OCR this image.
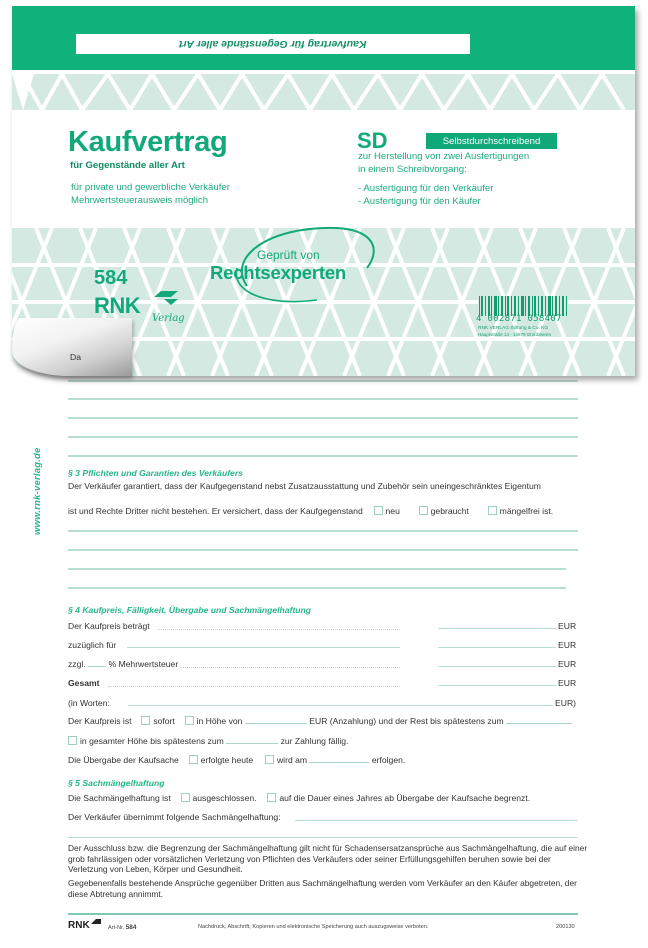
www.rnk-verlag.de	§ 3 Pflichten und Garantien des Verkäufers
Der Verkäufer garantiert, dass der Kaufgegenstand nebst Zusatzausstattung und Zubehör sein uneingeschränktes Eigentum
ist und Rechte Dritter nicht bestehen. Er versichert, dass der Kaufgegenstand	neu	gebraucht	mängelfrei ist.
§ 4 Kaufpreis, Fälligkeit, Übergabe und Sachmängelhaftung
Der Kaufpreis beträgt	EUR
zuzüglich für	EUR
zzgl.	% Mehrwertsteuer	EUR
Gesamt	EUR
(in Worten:	EUR)
Der Kaufpreis ist	sofort	in Höhe von	EUR (Anzahlung) und der Rest bis spätestens zum
in gesamter Höhe bis spätestens zum	zur Zahlung fällig.
Die Übergabe der Kaufsache	erfolgte heute	wird am	erfolgen.
§ 5 Sachmängelhaftung
Die Sachmängelhaftung ist	ausgeschlossen.	auf die Dauer eines Jahres ab Übergabe der Kaufsache begrenzt.
Der Verkäufer übernimmt folgende Sachmängelhaftung:
Der Ausschluss bzw. die Begrenzung der Sachmängelhaftung gilt nicht für Schadensersatzansprüche aus Sachmängelhaftung, die auf einer grob fahrlässigen oder vorsätzlichen Verletzung von Pflichten des Verkäufers oder seiner Erfüllungsgehilfen beruhen sowie bei der Verletzung von Leben, Körper und Gesundheit.
Gegebenenfalls bestehende Ansprüche gegenüber Dritten aus Sachmängelhaftung werden vom Verkäufer an den Käufer abgetreten, der diese Abtretung annimmt.
RNK	Art-Nr. 584	Nachdruck, Abschrift, Kopieren und elektronische Speicherung auch auszugsweise verboten.	200130
Kaufvertrag für Gegenstände aller Art
Kaufvertrag
für Gegenstände aller Art
für private und gewerbliche Verkäufer
Mehrwertsteuerausweis möglich
SD	Selbstdurchschreibend
zur Herstellung von zwei Ausfertigungen
in einem Schreibvorgang:
- Ausfertigung für den Verkäufer
- Ausfertigung für den Käufer
584
RNK
Verlag
Geprüft von
Rechtsexperten
4 002871 058407
RNK VERLAG Stiftung & Co. KG
Hauptstraße 14 · 14979 Großbeeren
Da
